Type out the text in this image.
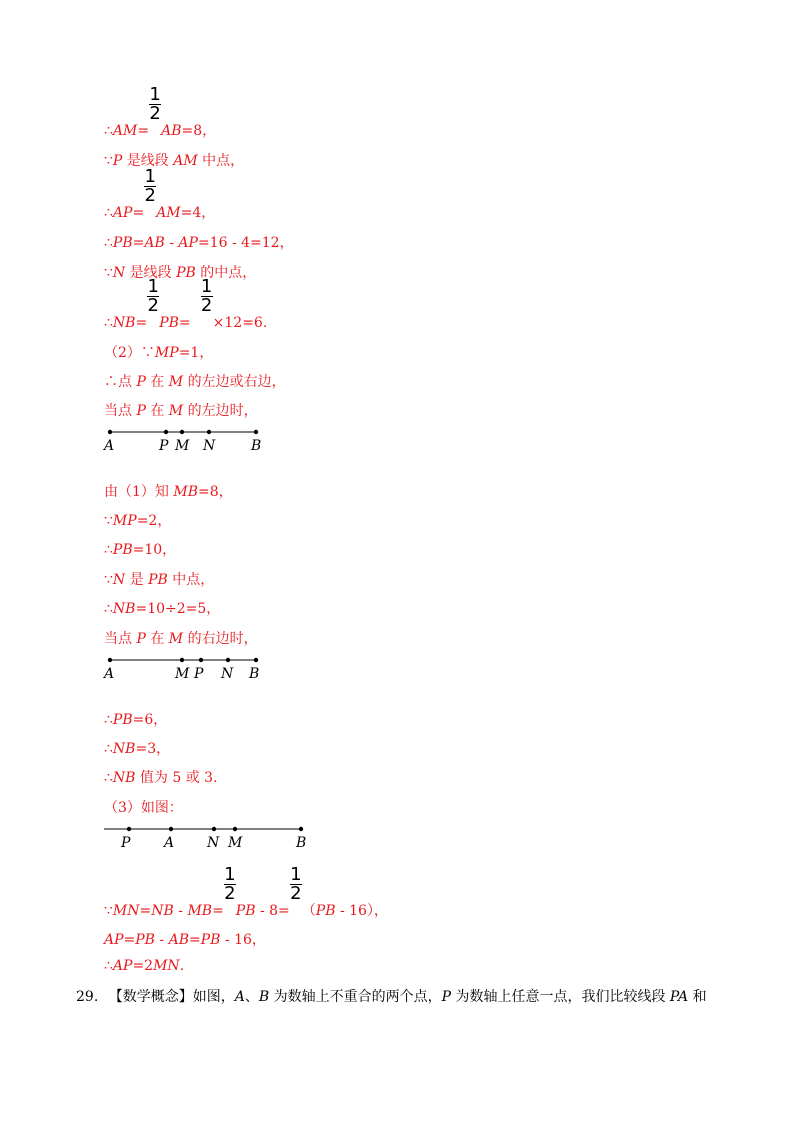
∴AM=
1
2
AB=8，
∵P 是线段 AM 中点，
∴AP=
1
2
AM=4，
∴PB=AB - AP=16 - 4=12，
∵N 是线段 PB 的中点，
∴NB=
1
2
PB=
1
2
×12=6.
（2）∵MP=1，
∴点 P 在 M 的左边或右边，
当点 P 在 M 的左边时，
A	P M N	B
由（1）知 MB=8，
∵MP=2，
∴PB=10，
∵N 是 PB 中点，
∴NB=10÷2=5，
当点 P 在 M 的右边时，
A	M P N B
∴PB=6，
∴NB=3，
∴NB 值为 5 或 3.
（3）如图：
P A N M	B
∵MN=NB - MB=
1
2
PB - 8=
1
2
（PB - 16），
AP=PB - AB=PB - 16，
∴AP=2MN.
29. 【数学概念】如图，A、B 为数轴上不重合的两个点，P 为数轴上任意一点，我们比较线段 PA 和
